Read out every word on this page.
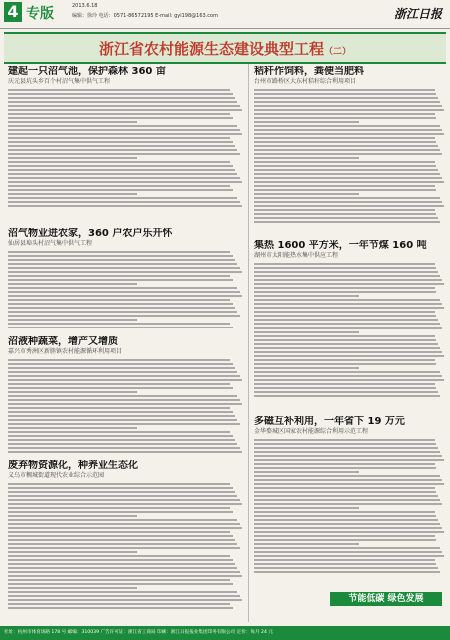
4 专版	2013.6.18
编辑：徐玲 电话：0571-86572195 E-mail: gyl198@163.com	浙江日报
浙江省农村能源生态建设典型工程（二）
建起一只沼气池，保护森林 360 亩
庆元县坑头乡百个村沼气集中供气工程
沼气物业进农家，360 户农户乐开怀
仙居县埠头村沼气集中供气工程
沼液种蔬菜，增产又增质
嘉兴市秀洲区新塍镇农村能源循环利用项目
废弃物资源化，种养业生态化
义乌市稠城街道现代农业综合示范园
秸秆作饲料，粪便当肥料
台州市路桥区大东村秸秆综合利用项目
集热 1600 平方米，一年节煤 160 吨
湖州市太阳能热水集中供应工程
多磁互补利用，一年省下 19 万元
金华婺城区国家农村能源综合利用示范工程
节能低碳 绿色发展
社址：杭州市体育场路 178 号 邮编：310039 广告许可证：浙江省工商局 印刷：浙江日报报业集团印务有限公司 定价：每月 24 元
